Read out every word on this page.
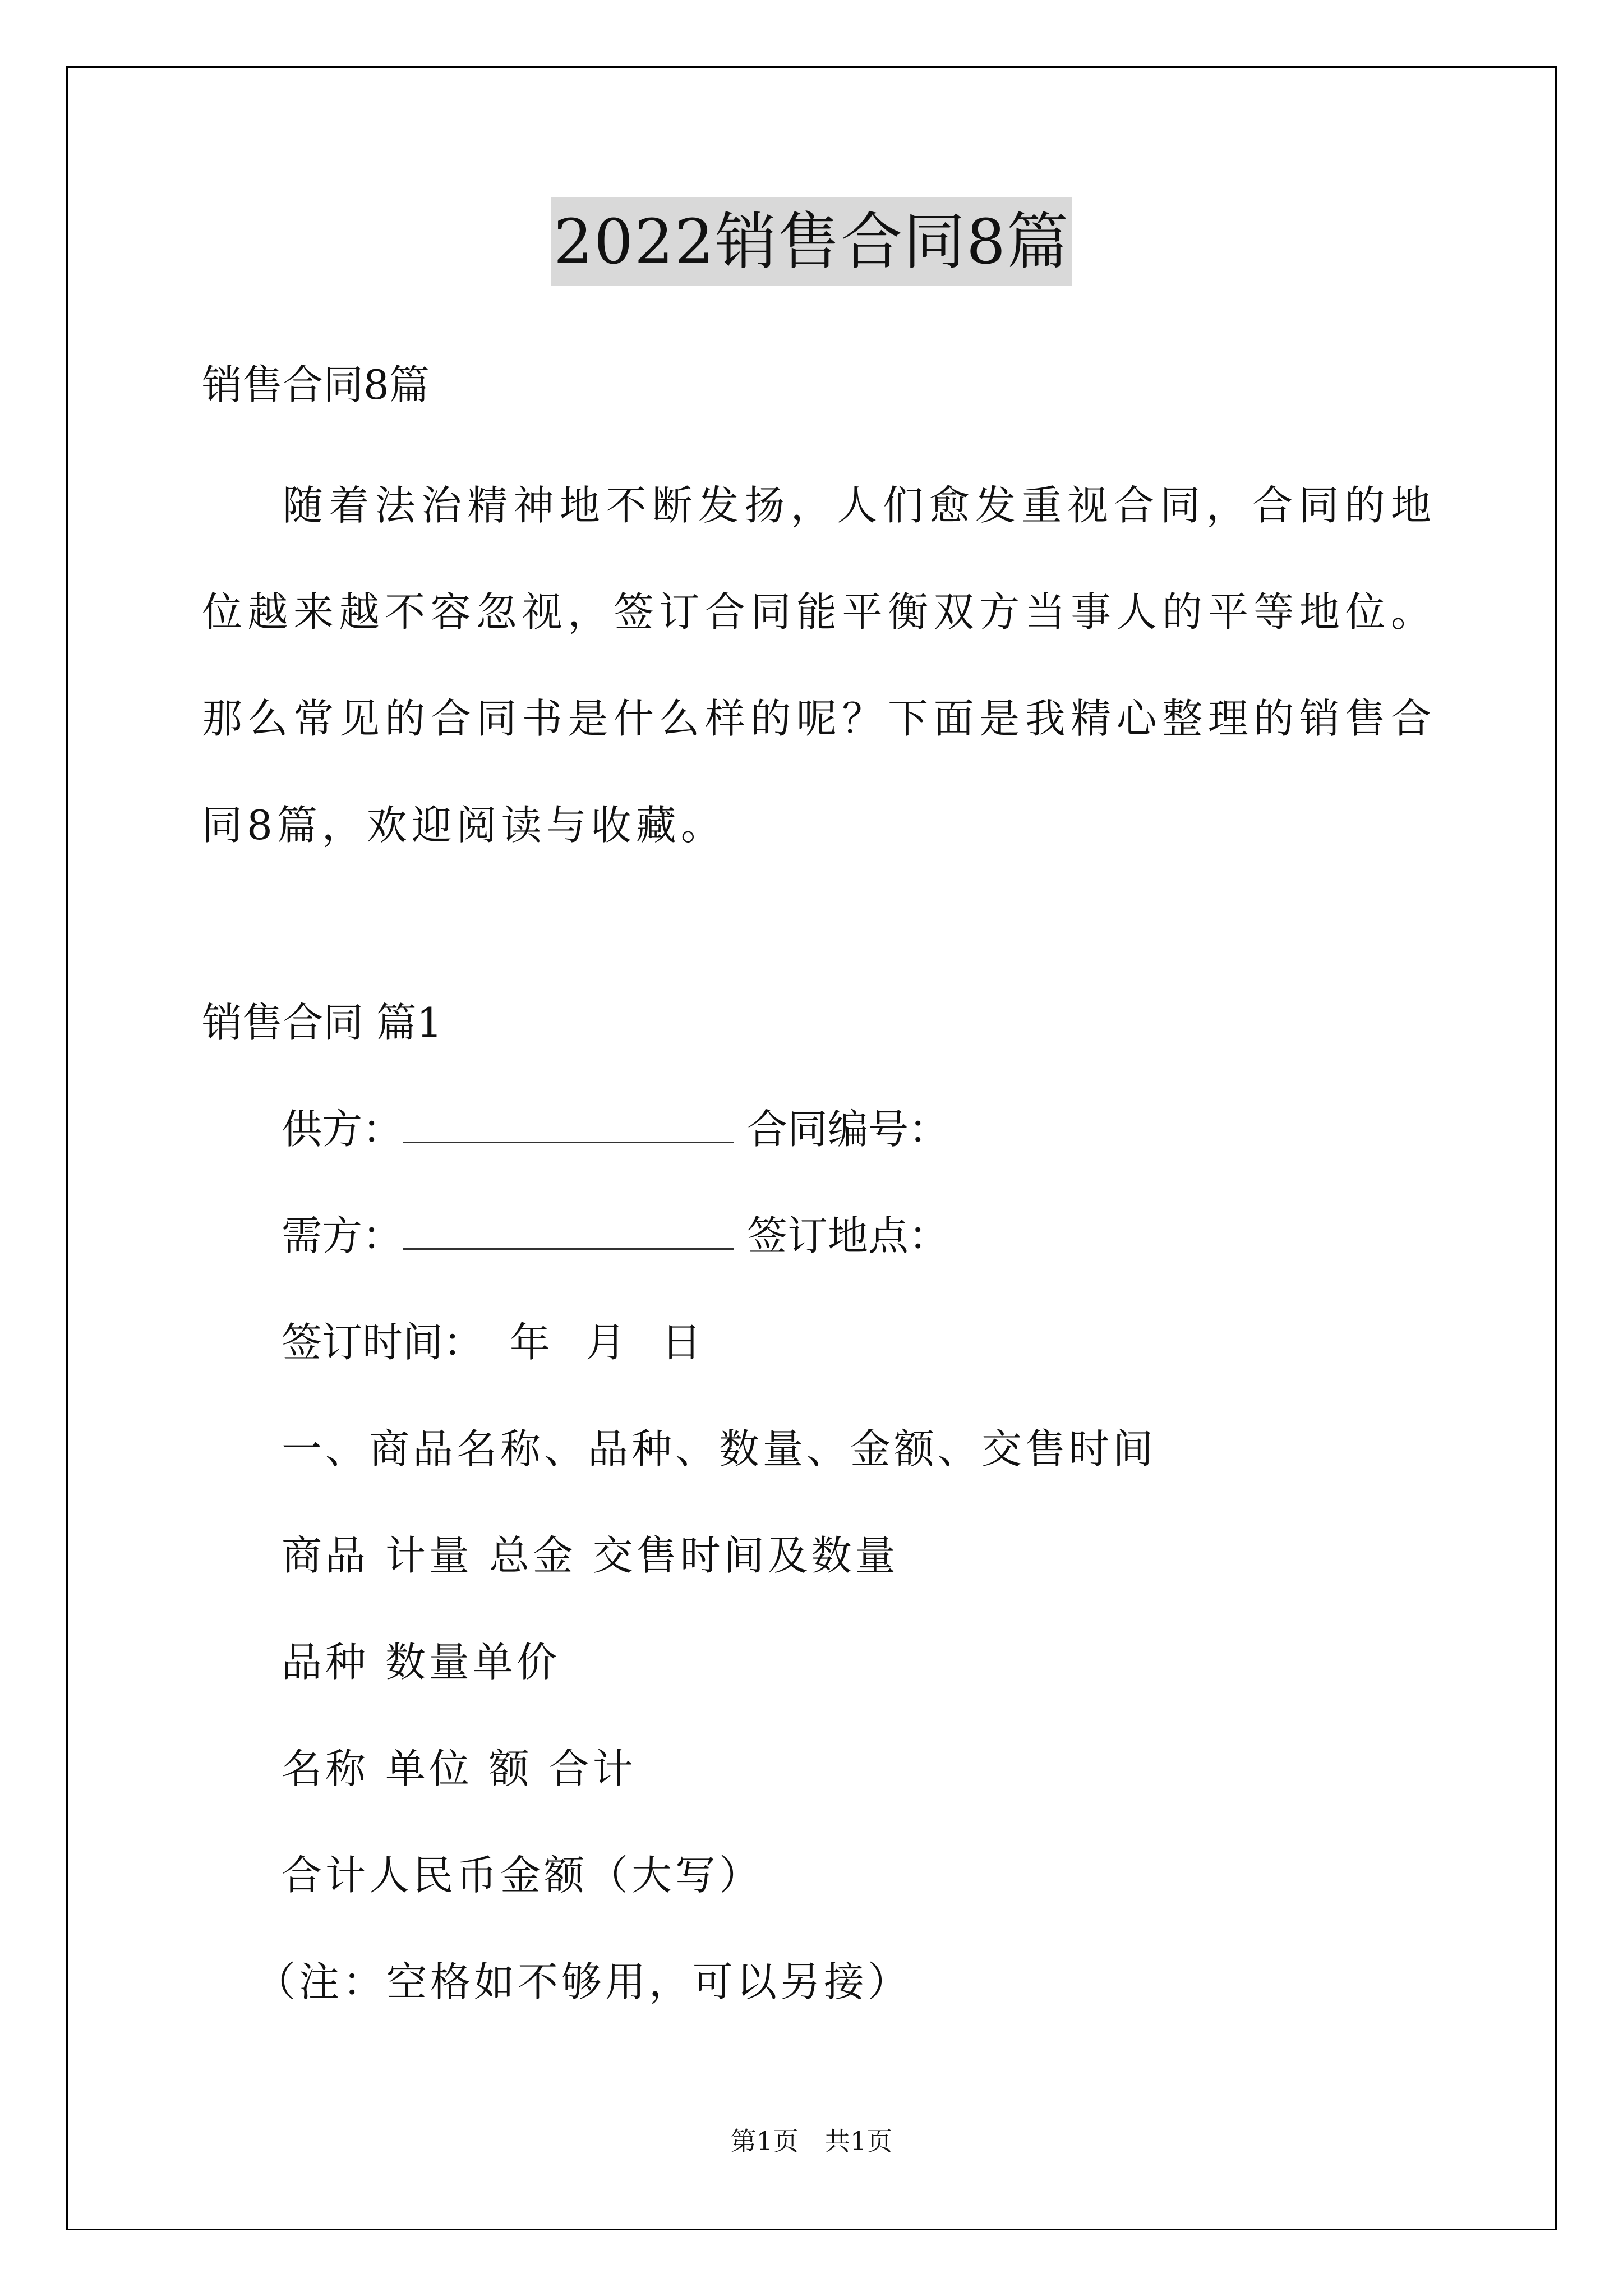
2022销售合同8篇
销售合同8篇
随着法治精神地不断发扬，人们愈发重视合同，合同的地位越来越不容忽视，签订合同能平衡双方当事人的平等地位。那么常见的合同书是什么样的呢？下面是我精心整理的销售合同8篇，欢迎阅读与收藏。
销售合同 篇1
供方：	合同编号：
需方：	签订地点：
签订时间： 年 月 日
一、商品名称、品种、数量、金额、交售时间
商品 计量 总金 交售时间及数量
品种 数量单价
名称 单位 额 合计
合计人民币金额（大写）
（注：空格如不够用，可以另接）
第1页　共1页
